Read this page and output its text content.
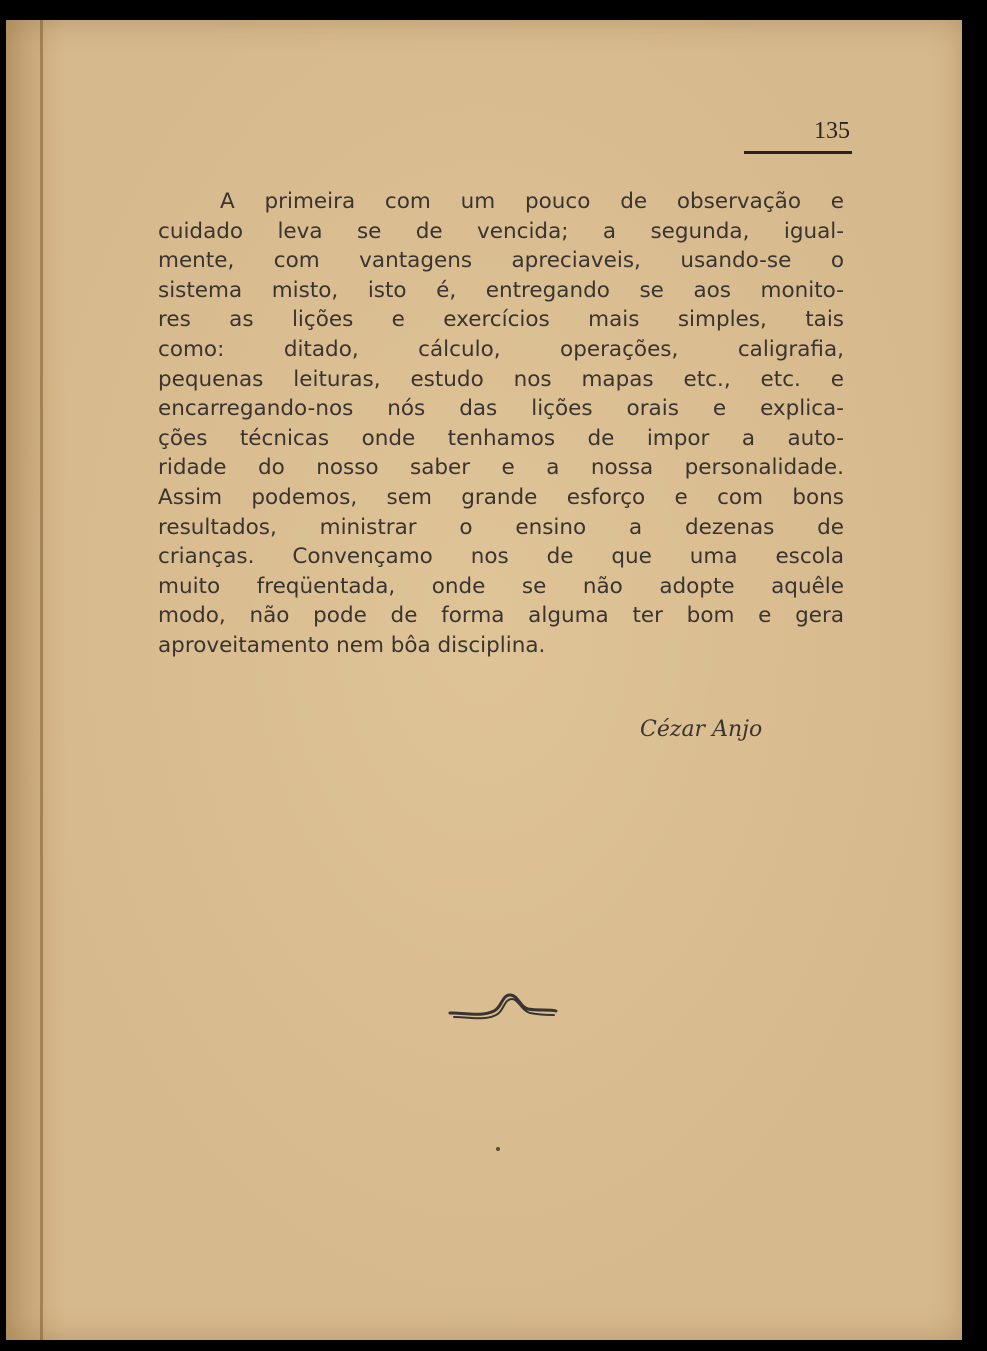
135
A primeira com um pouco de observação e
cuidado leva se de vencida; a segunda, igual-
mente, com vantagens apreciaveis, usando-se o
sistema misto, isto é, entregando se aos monito-
res as lições e exercícios mais simples, tais
como: ditado, cálculo, operações, caligrafia,
pequenas leituras, estudo nos mapas etc., etc. e
encarregando-nos nós das lições orais e explica-
ções técnicas onde tenhamos de impor a auto-
ridade do nosso saber e a nossa personalidade.
Assim podemos, sem grande esforço e com bons
resultados, ministrar o ensino a dezenas de
crianças. Convençamo nos de que uma escola
muito freqüentada, onde se não adopte aquêle
modo, não pode de forma alguma ter bom e gera
aproveitamento nem bôa disciplina.
Cézar Anjo
